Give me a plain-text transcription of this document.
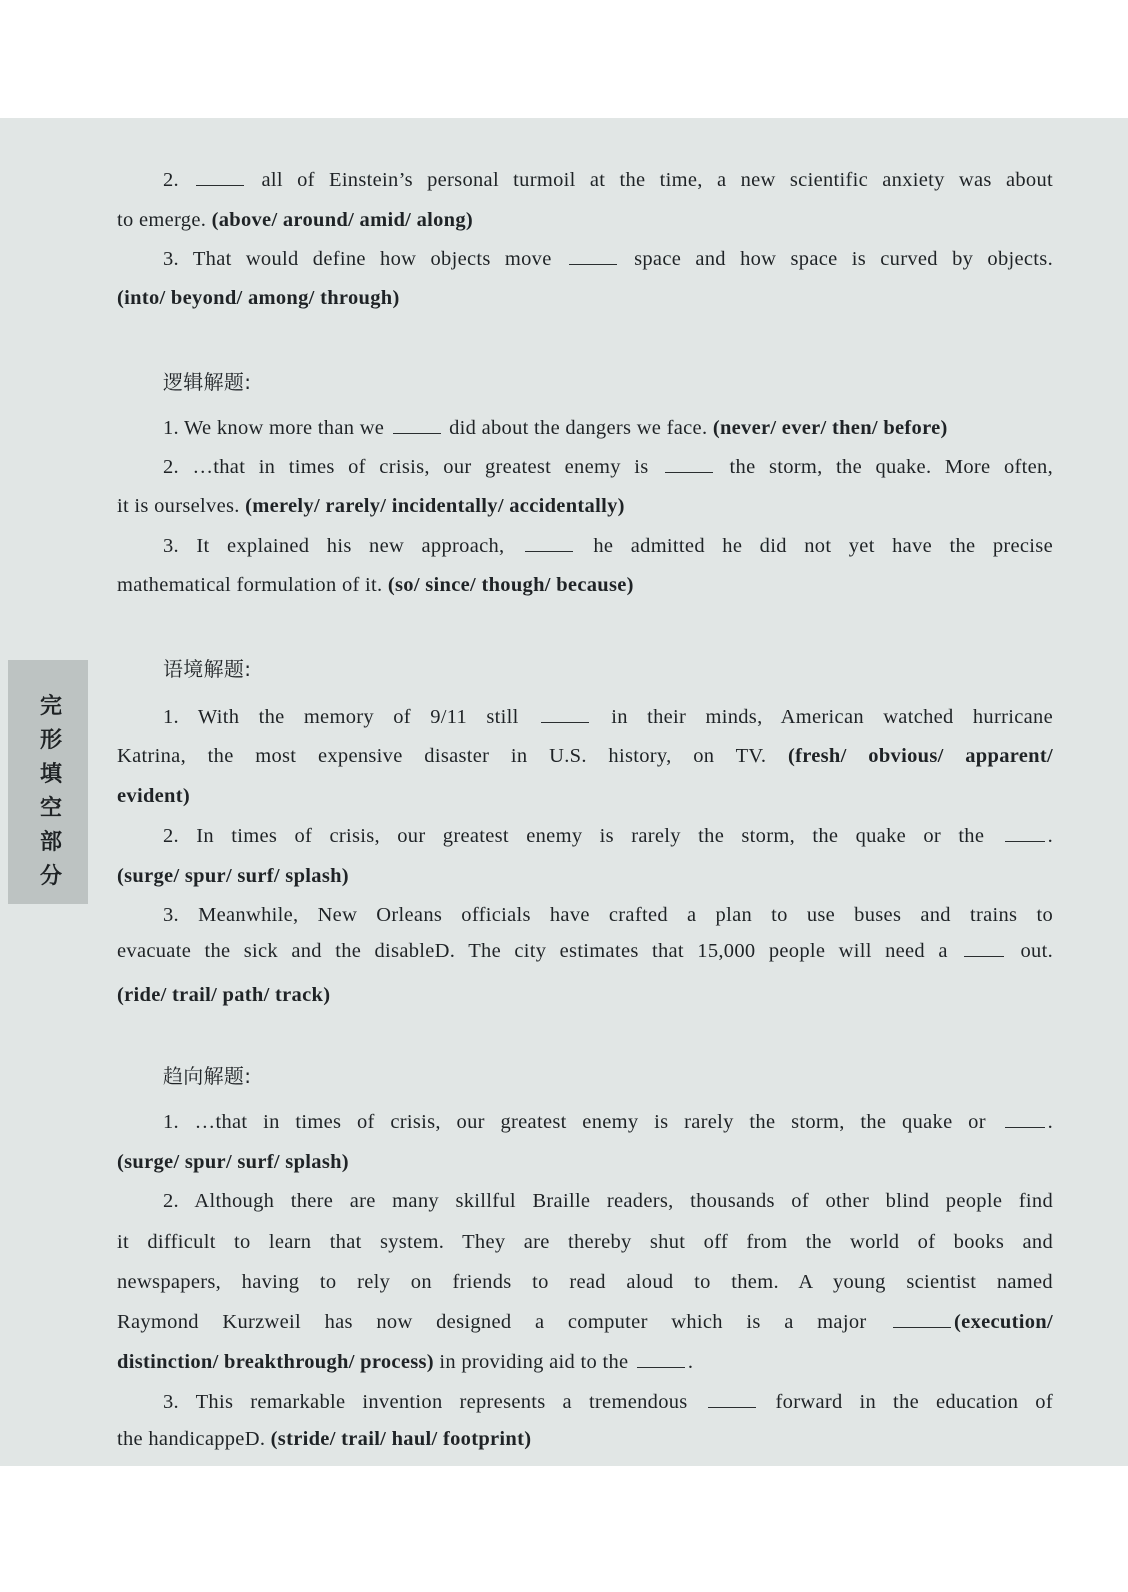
完
形
填
空
部
分
2.	all of Einstein’s personal turmoil at the time, a new scientific anxiety was about
to emerge. (above/ around/ amid/ along)
3. That would define how objects move	space and how space is curved by objects.
(into/ beyond/ among/ through)
逻辑解题:
1. We know more than we	did about the dangers we face. (never/ ever/ then/ before)
2. …that in times of crisis, our greatest enemy is	the storm, the quake. More often,
it is ourselves. (merely/ rarely/ incidentally/ accidentally)
3. It explained his new approach,	he admitted he did not yet have the precise
mathematical formulation of it. (so/ since/ though/ because)
语境解题:
1. With the memory of 9/11 still	in their minds, American watched hurricane
Katrina, the most expensive disaster in U.S. history, on TV. (fresh/ obvious/ apparent/
evident)
2. In times of crisis, our greatest enemy is rarely the storm, the quake or the .
(surge/ spur/ surf/ splash)
3. Meanwhile, New Orleans officials have crafted a plan to use buses and trains to
evacuate the sick and the disableD. The city estimates that 15,000 people will need a  out.
(ride/ trail/ path/ track)
趋向解题:
1. …that in times of crisis, our greatest enemy is rarely the storm, the quake or .
(surge/ spur/ surf/ splash)
2. Although there are many skillful Braille readers, thousands of other blind people find
it difficult to learn that system. They are thereby shut off from the world of books and
newspapers, having to rely on friends to read aloud to them. A young scientist named
Raymond Kurzweil has now designed a computer which is a major	(execution/
distinction/ breakthrough/ process) in providing aid to the	.
3. This remarkable invention represents a tremendous	forward in the education of
the handicappeD. (stride/ trail/ haul/ footprint)
